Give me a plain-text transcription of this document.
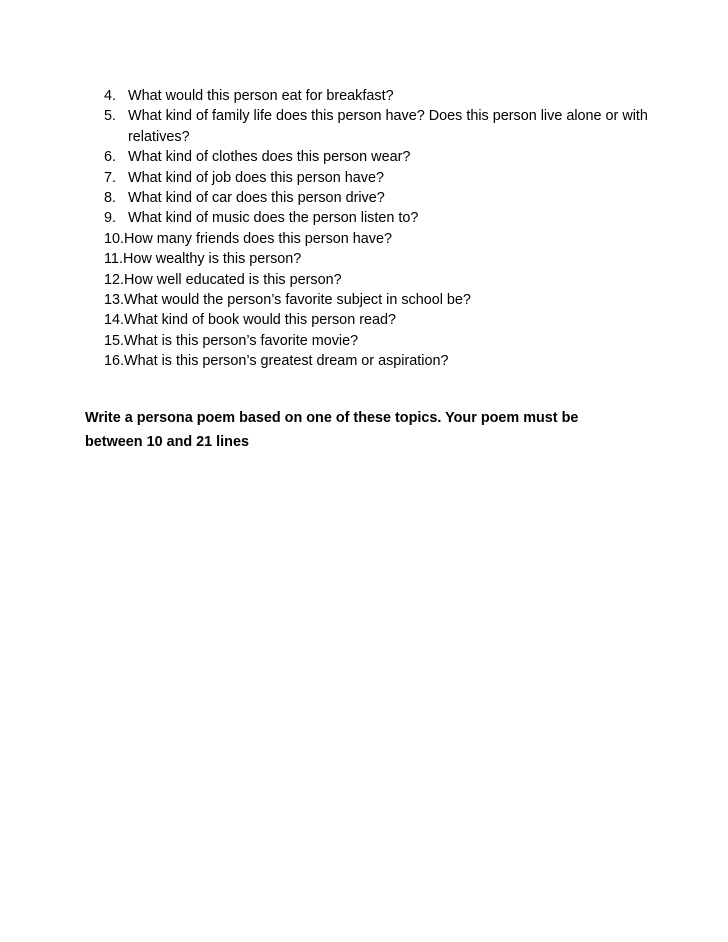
4. What would this person eat for breakfast?
5. What kind of family life does this person have? Does this person live alone or with relatives?
6. What kind of clothes does this person wear?
7. What kind of job does this person have?
8. What kind of car does this person drive?
9. What kind of music does the person listen to?
10. How many friends does this person have?
11. How wealthy is this person?
12. How well educated is this person?
13. What would the person’s favorite subject in school be?
14. What kind of book would this person read?
15. What is this person’s favorite movie?
16. What is this person’s greatest dream or aspiration?

Write a persona poem based on one of these topics. Your poem must be between 10 and 21 lines
